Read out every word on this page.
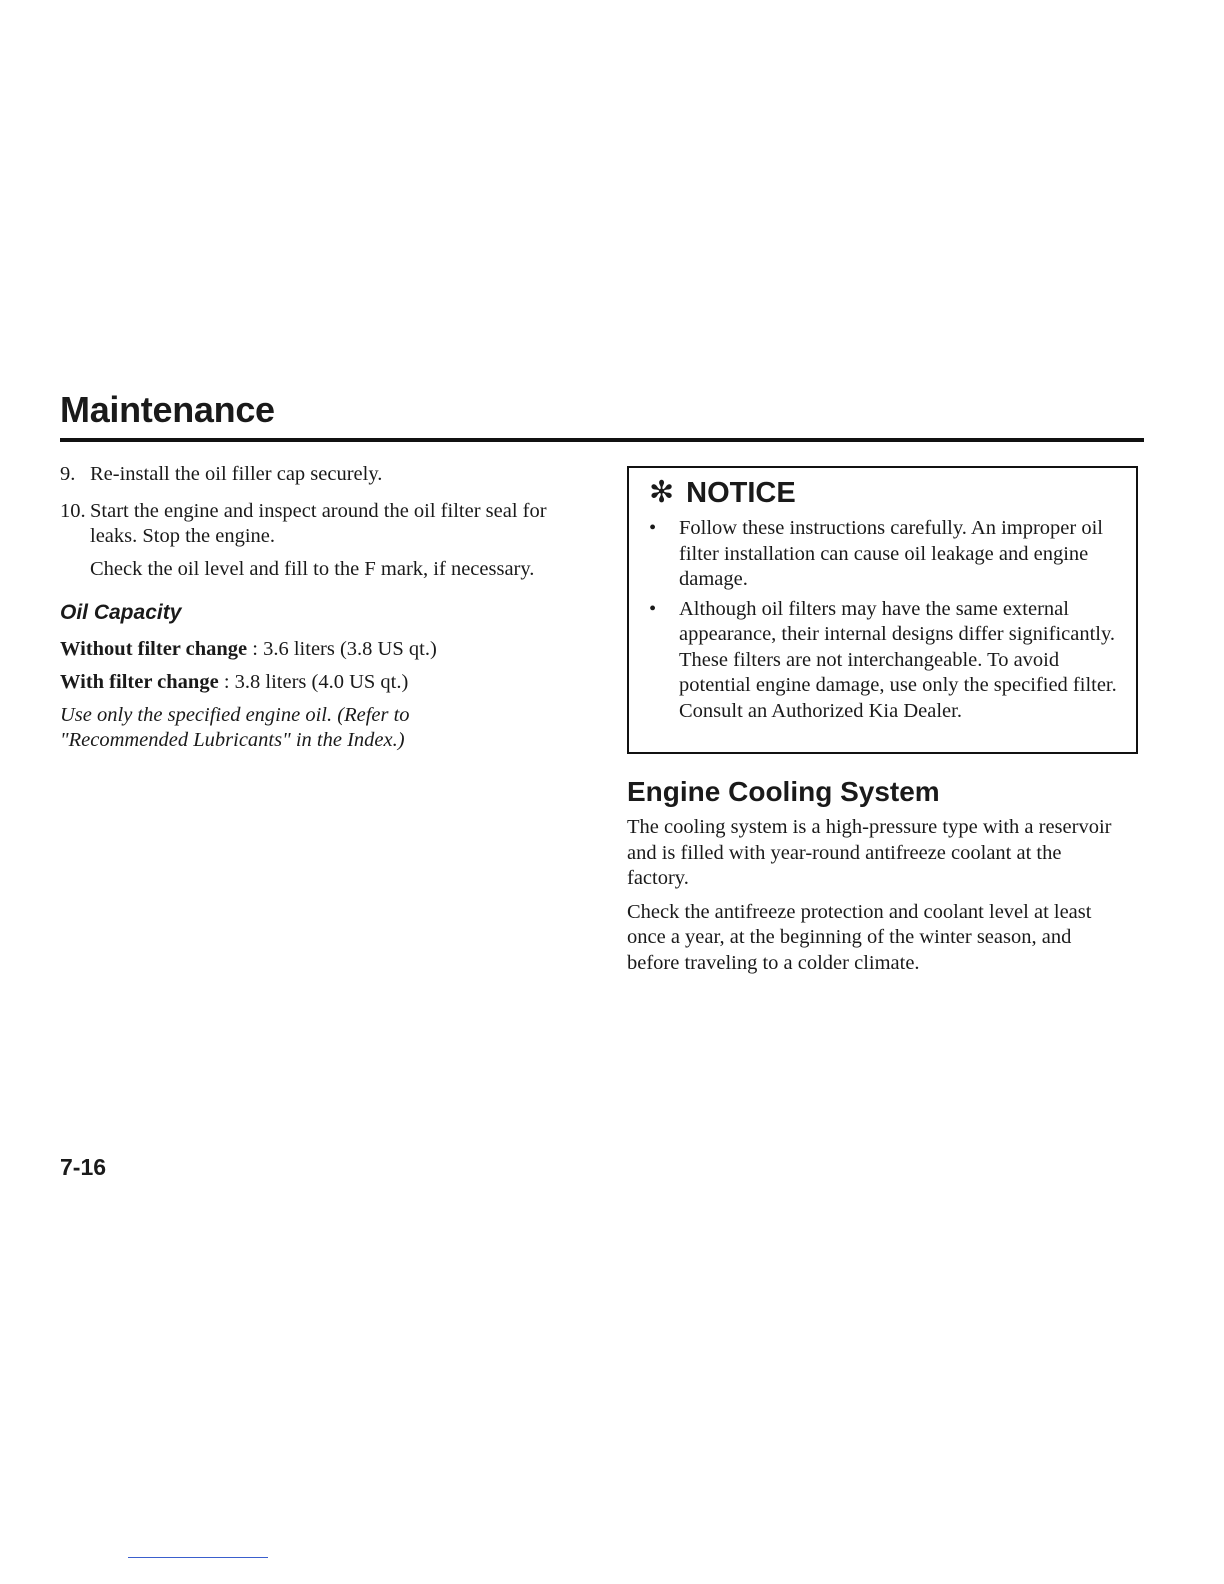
Maintenance
9. Re-install the oil filler cap securely.

10. Start the engine and inspect around the oil filter seal for leaks. Stop the engine.

Check the oil level and fill to the F mark, if necessary.

Oil Capacity

Without filter change : 3.6 liters (3.8 US qt.)

With filter change : 3.8 liters (4.0 US qt.)

Use only the specified engine oil. (Refer to "Recommended Lubricants" in the Index.)

✻ NOTICE
•	Follow these instructions carefully. An improper oil filter installation can cause oil leakage and engine damage.
•	Although oil filters may have the same external appearance, their internal designs differ significantly. These filters are not interchangeable. To avoid potential engine damage, use only the specified filter. Consult an Authorized Kia Dealer.
Engine Cooling System

The cooling system is a high-pressure type with a reservoir and is filled with year-round antifreeze coolant at the factory.

Check the antifreeze protection and coolant level at least once a year, at the beginning of the winter season, and before traveling to a colder climate.

7-16
